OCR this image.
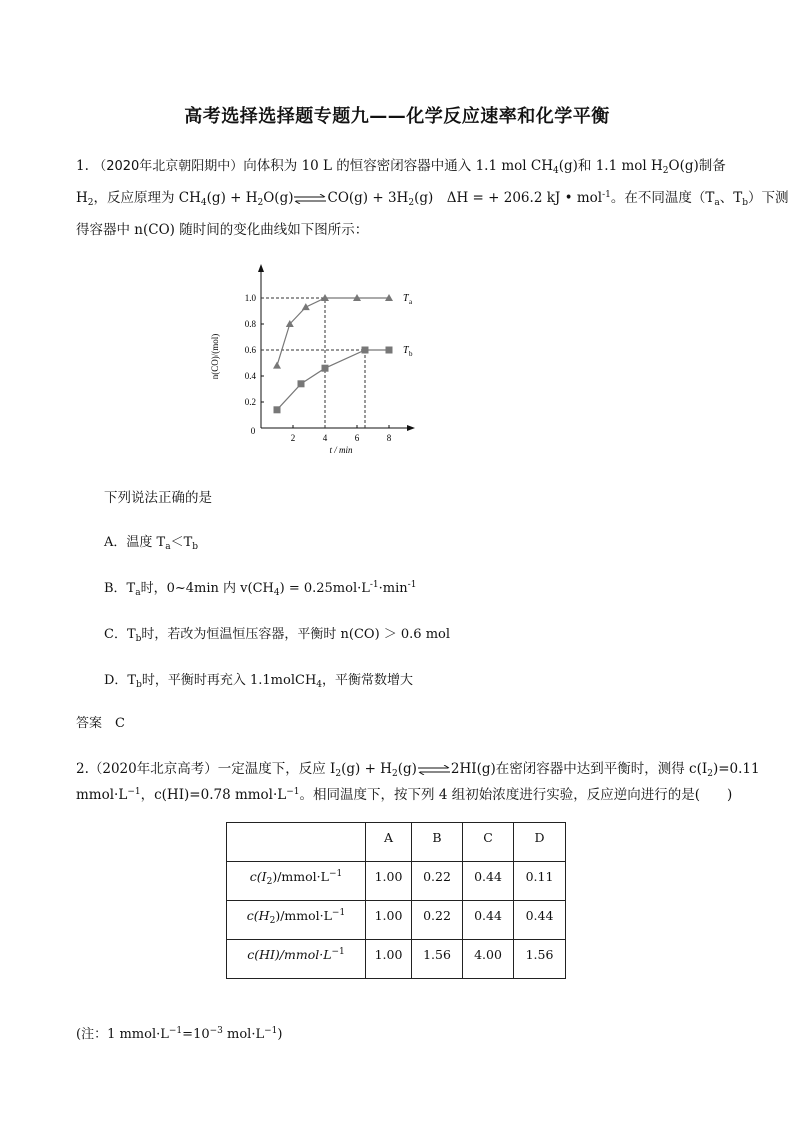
高考选择选择题专题九——化学反应速率和化学平衡
1. （2020年北京朝阳期中）向体积为 10 L 的恒容密闭容器中通入 1.1 mol $CH_4(g)$和 1.1 mol $H_2O(g)$制备
$H_2$，反应原理为 $CH_4(g)$ + $H_2O(g)\rightleftharpoons CO(g) + 3H_2(g)$　ΔH = + 206.2 kJ • mol$^{-1}$。在不同温度（$T_a$、$T_b$）下测
得容器中 n(CO) 随时间的变化曲线如下图所示：
2	4	6	8
0.2
0.4
0.6
0.8
1.0
0
t / min
n(CO)/(mol)
T a
T b
下列说法正确的是
A．温度 $T_a<T_b$
B．$T_a$时，0~4min 内 $v(CH_4) = 0.25mol\cdot L^{-1}\cdot\min^{-1}$
C．$T_b$时，若改为恒温恒压容器，平衡时 n(CO) ＞ 0.6 mol
D．$T_b$时，平衡时再充入 1.1molCH$_4$，平衡常数增大
答案　C
2.（2020年北京高考）一定温度下，反应 $I_2(g)$ + $H_2(g)\rightleftharpoons 2HI(g)$在密闭容器中达到平衡时，测得 $c(I_2)=0.11$
$mmol\cdot L^{-1}$，c(HI)=0.78 $mmol\cdot L^{-1}$。相同温度下，按下列 4 组初始浓度进行实验，反应逆向进行的是(　　)
	A	B	C	D
$c(I_2)/mmol\cdot L^{-1}$	1.00	0.22	0.44	0.11
$c(H_2)/mmol\cdot L^{-1}$	1.00	0.22	0.44	0.44
$c(HI)/mmol\cdot L^{-1}$	1.00	1.56	4.00	1.56
(注：1 $mmol\cdot L^{-1}=10^{-3}$ $mol\cdot L^{-1}$)
